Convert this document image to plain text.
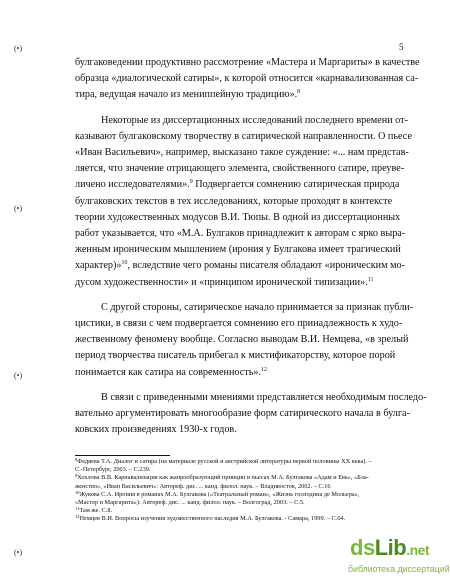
5
(•)
(•)
(•)
(•)
булгаковедении продуктивно рассмотрение «Мастера и Маргариты» в качестве
образца «диалогической сатиры», к которой относится «карнавализованная са-
тира, ведущая начало из мениппейную традицию».$^8$
Некоторые из диссертационных исследований последнего времени от-
казывают булгаковскому творчеству в сатирической направленности. О пьесе
«Иван Васильевич», например, высказано такое суждение: «... нам представ-
ляется, что значение отрицающего элемента, свойственного сатире, преувe-
личено исследователями».$^9$ Подвергается сомнению сатирическая природа
булгаковских текстов в тех исследованиях, которые проходят в контексте
теории художественных модусов В.И. Тюпы. В одной из диссертационных
работ указывается, что «М.А. Булгаков принадлежит к авторам с ярко выра-
женным ироническим мышлением (ирония у Булгакова имеет трагический
характер)»$^{10}$, вследствие чего романы писателя обладают «ироническим мо-
дусом художественности» и «принципом иронической типизации».$^{11}$
С другой стороны, сатирическое начало принимается за признак публи-
цистики, в связи с чем подвергается сомнению его принадлежность к худо-
жественному феномену вообще. Согласно выводам В.И. Немцева, «в зрелый
период творчества писатель прибегал к мистификаторству, которое порой
понимается как сатира на современность».$^{12}$
В связи с приведенными мнениями представляется необходимым последо-
вательно аргументировать многообразие форм сатирического начала в булга-
ковских произведениях 1930-х годов.
$^8$Федяева Т.А. Диалог и сатира (на материале русской и австрийской литературы первой половины XX века). –
С.-Петербург, 2003. – С.239.
$^9$Хохлова В.В. Карнавализация как жанрообразующий принцип в пьесах М.А. Булгакова «Адам и Ева», «Бла-
женство», «Иван Васильевич»: Автореф. дис. ... канд. филол. наук. – Владивосток, 2002. – С.16
$^{10}$Жукова С.А. Ирония в романах М.А. Булгакова («Театральный роман», «Жизнь господина де Мольера»,
«Мастер и Маргарита»): Автореф. дис. ... канд. филол. наук. – Волгоград, 2003. – С.5.
$^{11}$Там же. С.8.
$^{12}$Немцев В.И. Вопросы изучения художественного наследия М.А. Булгакова. - Самара, 1999. – С.64.
dsLib.net
библиотека диссертаций
